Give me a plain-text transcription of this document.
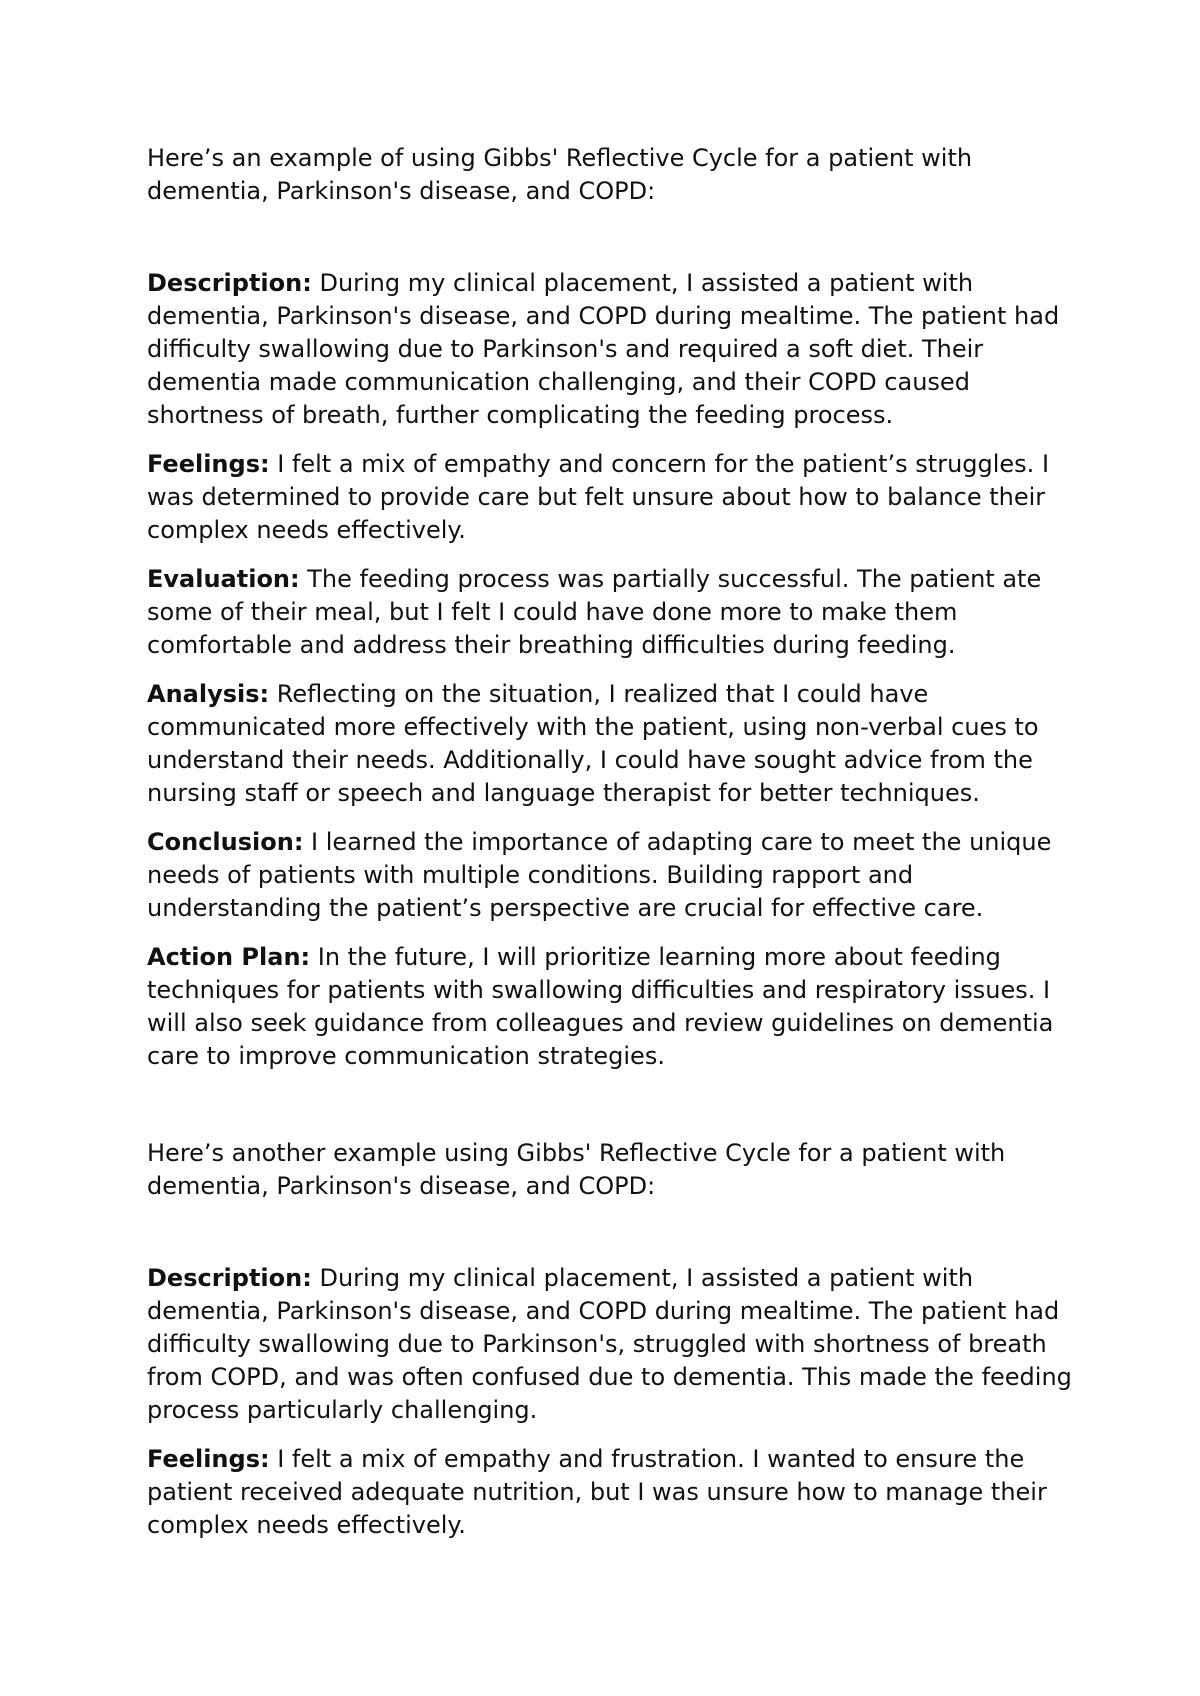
Here’s an example of using Gibbs' Reflective Cycle for a patient with dementia, Parkinson's disease, and COPD:

Description: During my clinical placement, I assisted a patient with dementia, Parkinson's disease, and COPD during mealtime. The patient had difficulty swallowing due to Parkinson's and required a soft diet. Their dementia made communication challenging, and their COPD caused shortness of breath, further complicating the feeding process.

Feelings: I felt a mix of empathy and concern for the patient’s struggles. I was determined to provide care but felt unsure about how to balance their complex needs effectively.

Evaluation: The feeding process was partially successful. The patient ate some of their meal, but I felt I could have done more to make them comfortable and address their breathing difficulties during feeding.

Analysis: Reflecting on the situation, I realized that I could have communicated more effectively with the patient, using non-verbal cues to understand their needs. Additionally, I could have sought advice from the nursing staff or speech and language therapist for better techniques.

Conclusion: I learned the importance of adapting care to meet the unique needs of patients with multiple conditions. Building rapport and understanding the patient’s perspective are crucial for effective care.

Action Plan: In the future, I will prioritize learning more about feeding techniques for patients with swallowing difficulties and respiratory issues. I will also seek guidance from colleagues and review guidelines on dementia care to improve communication strategies.

Here’s another example using Gibbs' Reflective Cycle for a patient with dementia, Parkinson's disease, and COPD:

Description: During my clinical placement, I assisted a patient with dementia, Parkinson's disease, and COPD during mealtime. The patient had difficulty swallowing due to Parkinson's, struggled with shortness of breath from COPD, and was often confused due to dementia. This made the feeding process particularly challenging.

Feelings: I felt a mix of empathy and frustration. I wanted to ensure the patient received adequate nutrition, but I was unsure how to manage their complex needs effectively.
